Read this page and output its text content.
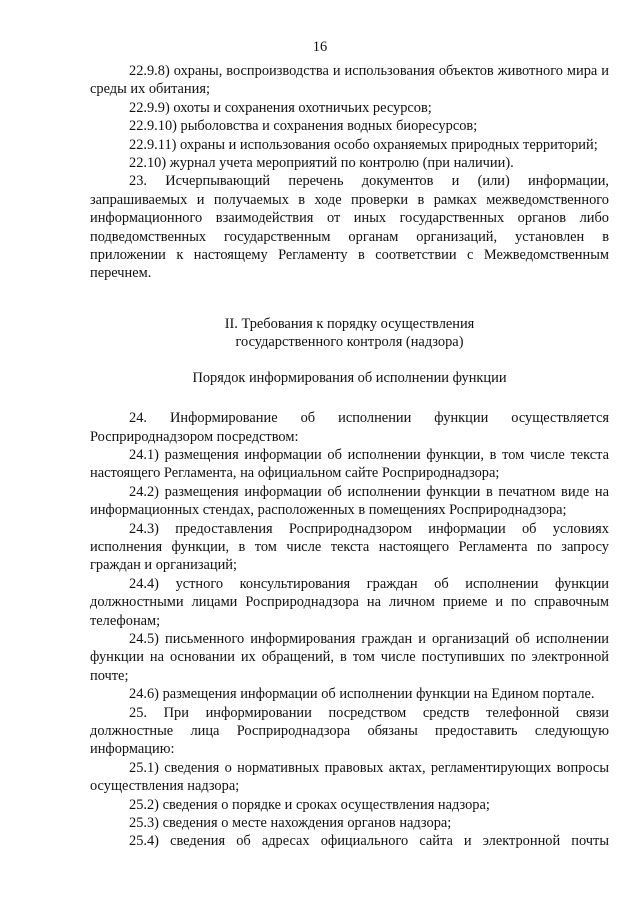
16

22.9.8) охраны, воспроизводства и использования объектов животного мира и среды их обитания;

22.9.9) охоты и сохранения охотничьих ресурсов;

22.9.10) рыболовства и сохранения водных биоресурсов;

22.9.11) охраны и использования особо охраняемых природных территорий;

22.10) журнал учета мероприятий по контролю (при наличии).

23. Исчерпывающий перечень документов и (или) информации, запрашиваемых и получаемых в ходе проверки в рамках межведомственного информационного взаимодействия от иных государственных органов либо подведомственных государственным органам организаций, установлен в приложении к настоящему Регламенту в соответствии с Межведомственным перечнем.

II. Требования к порядку осуществления

государственного контроля (надзора)

Порядок информирования об исполнении функции

24. Информирование об исполнении функции осуществляется Росприроднадзором посредством:

24.1) размещения информации об исполнении функции, в том числе текста настоящего Регламента, на официальном сайте Росприроднадзора;

24.2) размещения информации об исполнении функции в печатном виде на информационных стендах, расположенных в помещениях Росприроднадзора;

24.3) предоставления Росприроднадзором информации об условиях исполнения функции, в том числе текста настоящего Регламента по запросу граждан и организаций;

24.4) устного консультирования граждан об исполнении функции должностными лицами Росприроднадзора на личном приеме и по справочным телефонам;

24.5) письменного информирования граждан и организаций об исполнении функции на основании их обращений, в том числе поступивших по электронной почте;

24.6) размещения информации об исполнении функции на Едином портале.

25. При информировании посредством средств телефонной связи должностные лица Росприроднадзора обязаны предоставить следующую информацию:

25.1) сведения о нормативных правовых актах, регламентирующих вопросы осуществления надзора;

25.2) сведения о порядке и сроках осуществления надзора;

25.3) сведения о месте нахождения органов надзора;

25.4) сведения об адресах официального сайта и электронной почты
